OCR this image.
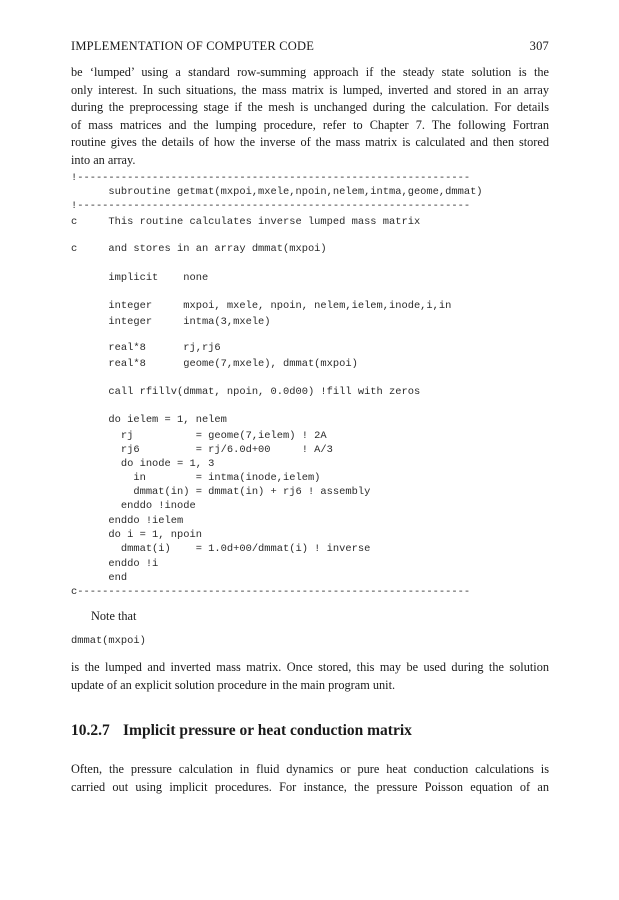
IMPLEMENTATION OF COMPUTER CODE	307
be ‘lumped’ using a standard row-summing approach if the steady state solution is the
only interest. In such situations, the mass matrix is lumped, inverted and stored in an array
during the preprocessing stage if the mesh is unchanged during the calculation. For details
of mass matrices and the lumping procedure, refer to Chapter 7. The following Fortran
routine gives the details of how the inverse of the mass matrix is calculated and then stored
into an array.
!---------------------------------------------------------------
subroutine getmat(mxpoi,mxele,npoin,nelem,intma,geome,dmmat)
!---------------------------------------------------------------
c     This routine calculates inverse lumped mass matrix
c     and stores in an array dmmat(mxpoi)
implicit    none
integer     mxpoi, mxele, npoin, nelem,ielem,inode,i,in
integer     intma(3,mxele)
real*8      rj,rj6
real*8      geome(7,mxele), dmmat(mxpoi)
call rfillv(dmmat, npoin, 0.0d00) !fill with zeros
do ielem = 1, nelem
rj          = geome(7,ielem) ! 2A
rj6         = rj/6.0d+00     ! A/3
do inode = 1, 3
in        = intma(inode,ielem)
dmmat(in) = dmmat(in) + rj6 ! assembly
enddo !inode
enddo !ielem
do i = 1, npoin
dmmat(i)    = 1.0d+00/dmmat(i) ! inverse
enddo !i
end
c---------------------------------------------------------------
Note that
dmmat(mxpoi)
is the lumped and inverted mass matrix. Once stored, this may be used during the solution
update of an explicit solution procedure in the main program unit.
10.2.7 Implicit pressure or heat conduction matrix
Often, the pressure calculation in fluid dynamics or pure heat conduction calculations is
carried out using implicit procedures. For instance, the pressure Poisson equation of an
